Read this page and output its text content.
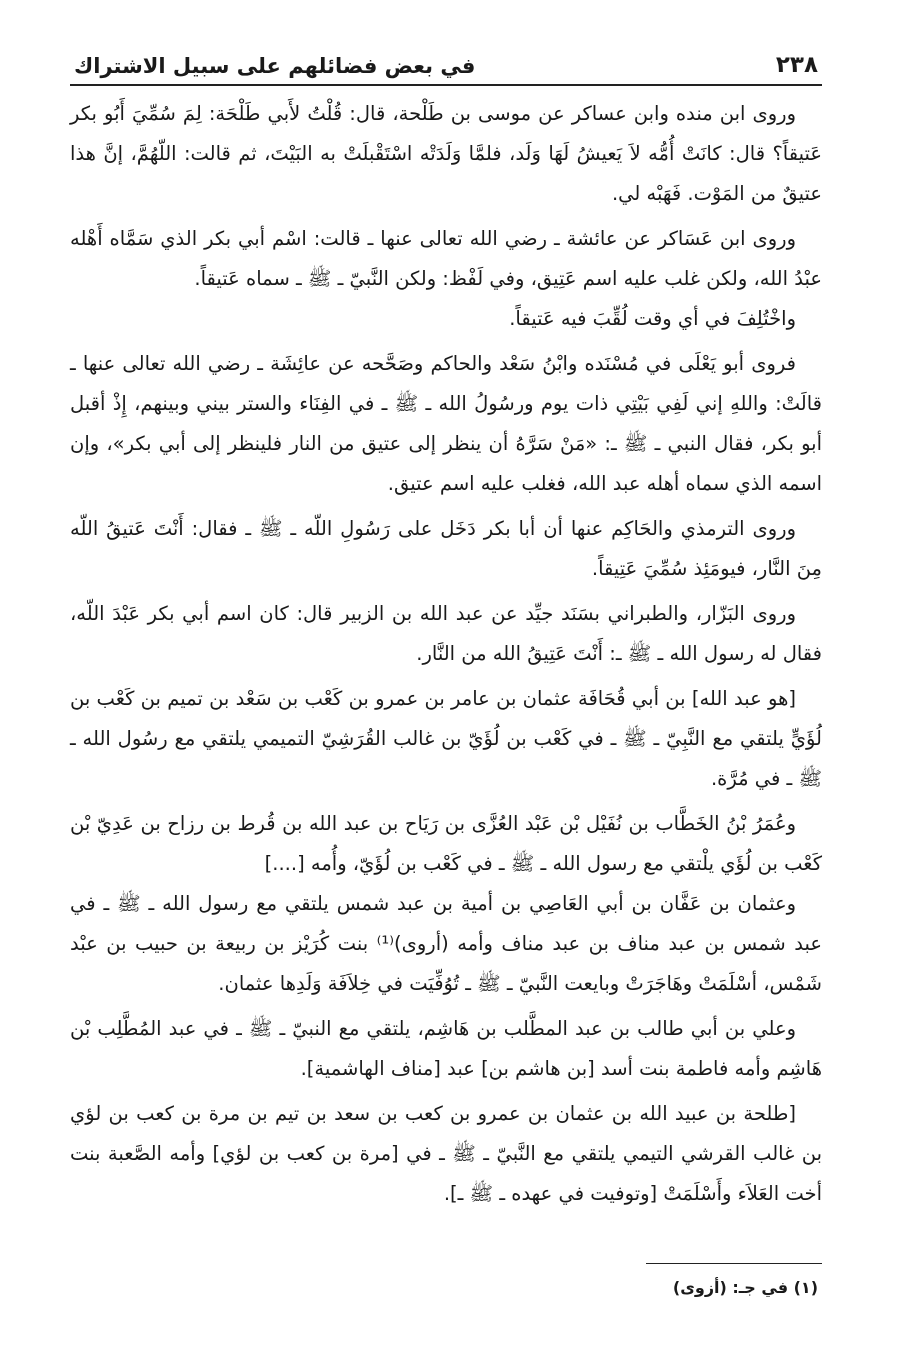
٢٣٨
في بعض فضائلهم على سبيل الاشتراك

وروى ابن منده وابن عساكر عن موسى بن طَلْحة، قال: قُلْتُ لأَبي طَلْحَة: لِمَ سُمِّيَ أَبُو بكر عَتيقاً؟ قال: كانَتْ أُمُّه لاَ يَعيشُ لَهَا وَلَد، فلمَّا وَلَدَتْه اسْتَقْبلَتْ به البَيْتَ، ثم قالت: اللّهُمَّ، إنَّ هذا عتيقٌ من المَوْت. فَهَبْه لي.

وروى ابن عَسَاكر عن عائشة ـ رضي الله تعالى عنها ـ قالت: اسْم أبي بكر الذي سَمَّاه أَهْله عبْدُ الله، ولكن غلب عليه اسم عَتِيق، وفي لَفْظ: ولكن النَّبيّ ـ ﷺ ـ سماه عَتيقاً.

واخْتُلِفَ في أي وقت لُقِّبَ فيه عَتيقاً.

فروى أبو يَعْلَى في مُسْنَده وابْنُ سَعْد والحاكم وصَحَّحه عن عائِشَة ـ رضي الله تعالى عنها ـ قالَتْ: واللهِ إني لَفِي بَيْتِي ذات يوم ورسُولُ الله ـ ﷺ ـ في الفِنَاء والستر بيني وبينهم، إِذْ أقبل أبو بكر، فقال النبي ـ ﷺ ـ: «مَنْ سَرَّهُ أن ينظر إلى عتيق من النار فلينظر إلى أبي بكر»، وإن اسمه الذي سماه أهله عبد الله، فغلب عليه اسم عتيق.

وروى الترمذي والحَاكِم عنها أن أبا بكر دَخَل على رَسُولِ اللّه ـ ﷺ ـ فقال: أَنْتَ عَتيقُ اللّه مِنَ النَّار، فيومَئِذ سُمِّيَ عَتِيقاً.

وروى البَزّار، والطبراني بسَنَد جيِّد عن عبد الله بن الزبير قال: كان اسم أبي بكر عَبْدَ اللّه، فقال له رسول الله ـ ﷺ ـ: أَنْتَ عَتِيقُ الله من النَّار.

[هو عبد الله] بن أبي قُحَافَة عثمان بن عامر بن عمرو بن كَعْب بن سَعْد بن تميم بن كَعْب بن لُؤَيٍّ يلتقي مع النَّبِيّ ـ ﷺ ـ في كَعْب بن لُؤَيّ بن غالب القُرَشِيّ التميمي يلتقي مع رسُول الله ـ ﷺ ـ في مُرَّة.

وعُمَرُ بْنُ الخَطَّاب بن نُفَيْل بْن عَبْد العُزَّى بن رَيَاح بن عبد الله بن قُرط بن رزاح بن عَدِيّ بْن كَعْب بن لُؤَي يلْتقي مع رسول الله ـ ﷺ ـ في كَعْب بن لُؤَيّ، وأُمه [....]

وعثمان بن عَفَّان بن أبي العَاصِي بن أمية بن عبد شمس يلتقي مع رسول الله ـ ﷺ ـ في عبد شمس بن عبد مناف بن عبد مناف وأمه (أروى)⁽¹⁾ بنت كُرَيْز بن ربيعة بن حبيب بن عبْد شَمْس، أسْلَمَتْ وهَاجَرَتْ وبايعت النَّبيّ ـ ﷺ ـ تُوُفِّيَت في خِلاَفَة وَلَدِها عثمان.

وعلي بن أبي طالب بن عبد المطَّلب بن هَاشِم، يلتقي مع النبيّ ـ ﷺ ـ في عبد المُطَّلِب بْن هَاشِم وأمه فاطمة بنت أسد [بن هاشم بن] عبد [مناف الهاشمية].

[طلحة بن عبيد الله بن عثمان بن عمرو بن كعب بن سعد بن تيم بن مرة بن كعب بن لؤي بن غالب القرشي التيمي يلتقي مع النَّبيّ ـ ﷺ ـ في [مرة بن كعب بن لؤي] وأمه الصَّعبة بنت أخت العَلاَء وأَسْلَمَتْ [وتوفيت في عهده ـ ﷺ ـ].

(١) في جـ: (أزوى)
